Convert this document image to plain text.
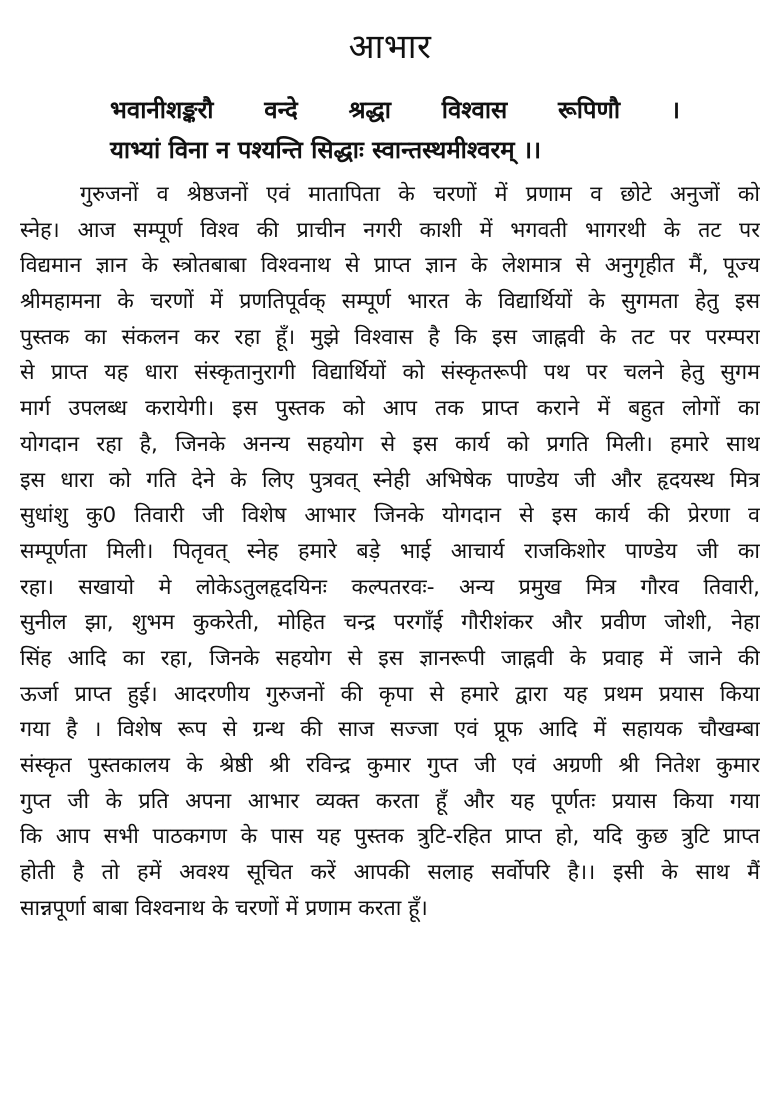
आभार
भवानीशङ्करौ वन्दे श्रद्धा विश्वास रूपिणौ ।
याभ्यां विना न पश्यन्ति सिद्धाः स्वान्तस्थमीश्वरम् ।।
गुरुजनों व श्रेष्ठजनों एवं मातापिता के चरणों में प्रणाम व छोटे अनुजों को
स्नेह। आज सम्पूर्ण विश्व की प्राचीन नगरी काशी में भगवती भागरथी के तट पर
विद्यमान ज्ञान के स्त्रोतबाबा विश्वनाथ से प्राप्त ज्ञान के लेशमात्र से अनुगृहीत मैं, पूज्य
श्रीमहामना के चरणों में प्रणतिपूर्वक् सम्पूर्ण भारत के विद्यार्थियों के सुगमता हेतु इस
पुस्तक का संकलन कर रहा हूँ। मुझे विश्वास है कि इस जाह्नवी के तट पर परम्परा
से प्राप्त यह धारा संस्कृतानुरागी विद्यार्थियों को संस्कृतरूपी पथ पर चलने हेतु सुगम
मार्ग उपलब्ध करायेगी। इस पुस्तक को आप तक प्राप्त कराने में बहुत लोगों का
योगदान रहा है, जिनके अनन्य सहयोग से इस कार्य को प्रगति मिली। हमारे साथ
इस धारा को गति देने के लिए पुत्रवत् स्नेही अभिषेक पाण्डेय जी और हृदयस्थ मित्र
सुधांशु कु0 तिवारी जी विशेष आभार जिनके योगदान से इस कार्य की प्रेरणा व
सम्पूर्णता मिली। पितृवत् स्नेह हमारे बड़े भाई आचार्य राजकिशोर पाण्डेय जी का
रहा। सखायो मे लोकेऽतुलहृदयिनः कल्पतरवः- अन्य प्रमुख मित्र गौरव तिवारी,
सुनील झा, शुभम कुकरेती, मोहित चन्द्र परगाँई गौरीशंकर और प्रवीण जोशी, नेहा
सिंह आदि का रहा, जिनके सहयोग से इस ज्ञानरूपी जाह्नवी के प्रवाह में जाने की
ऊर्जा प्राप्त हुई। आदरणीय गुरुजनों की कृपा से हमारे द्वारा यह प्रथम प्रयास किया
गया है । विशेष रूप से ग्रन्थ की साज सज्जा एवं प्रूफ आदि में सहायक चौखम्बा
संस्कृत पुस्तकालय के श्रेष्ठी श्री रविन्द्र कुमार गुप्त जी एवं अग्रणी श्री नितेश कुमार
गुप्त जी के प्रति अपना आभार व्यक्त करता हूँ और यह पूर्णतः प्रयास किया गया
कि आप सभी पाठकगण के पास यह पुस्तक त्रुटि-रहित प्राप्त हो, यदि कुछ त्रुटि प्राप्त
होती है तो हमें अवश्य सूचित करें आपकी सलाह सर्वोपरि है।। इसी के साथ मैं
सान्नपूर्णा बाबा विश्वनाथ के चरणों में प्रणाम करता हूँ।
